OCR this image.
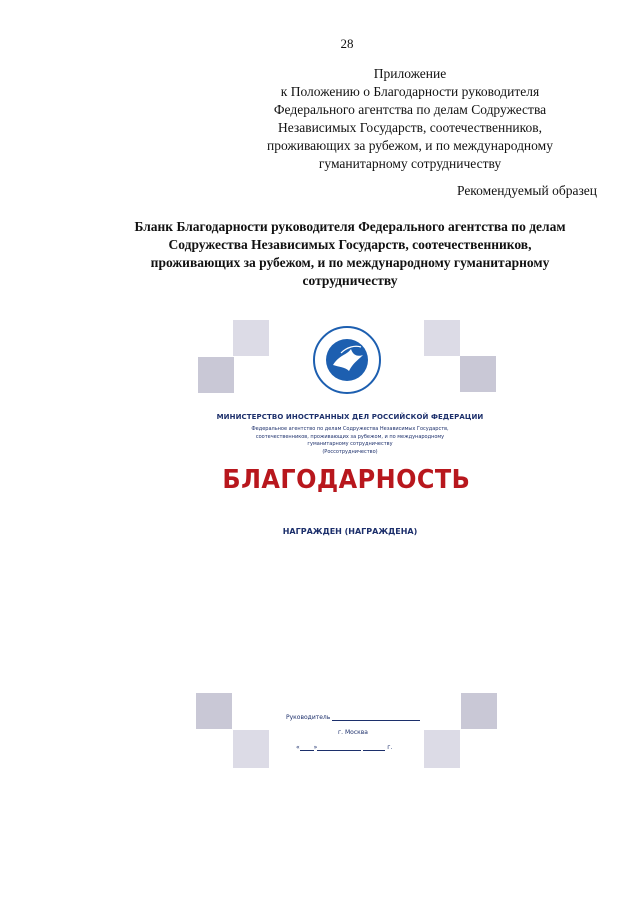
28
Приложение
к Положению о Благодарности руководителя
Федерального агентства по делам Содружества
Независимых Государств, соотечественников,
проживающих за рубежом, и по международному
гуманитарному сотрудничеству
Рекомендуемый образец
Бланк Благодарности руководителя Федерального агентства по делам
Содружества Независимых Государств, соотечественников,
проживающих за рубежом, и по международному гуманитарному
сотрудничеству
МИНИСТЕРСТВО ИНОСТРАННЫХ ДЕЛ РОССИЙСКОЙ ФЕДЕРАЦИИ
Федеральное агентство по делам Содружества Независимых Государств,
соотечественников, проживающих за рубежом, и по международному
гуманитарному сотрудничеству
(Россотрудничество)
БЛАГОДАРНОСТЬ
НАГРАЖДЕН (НАГРАЖДЕНА)
Руководитель
г. Москва
« »	г.
